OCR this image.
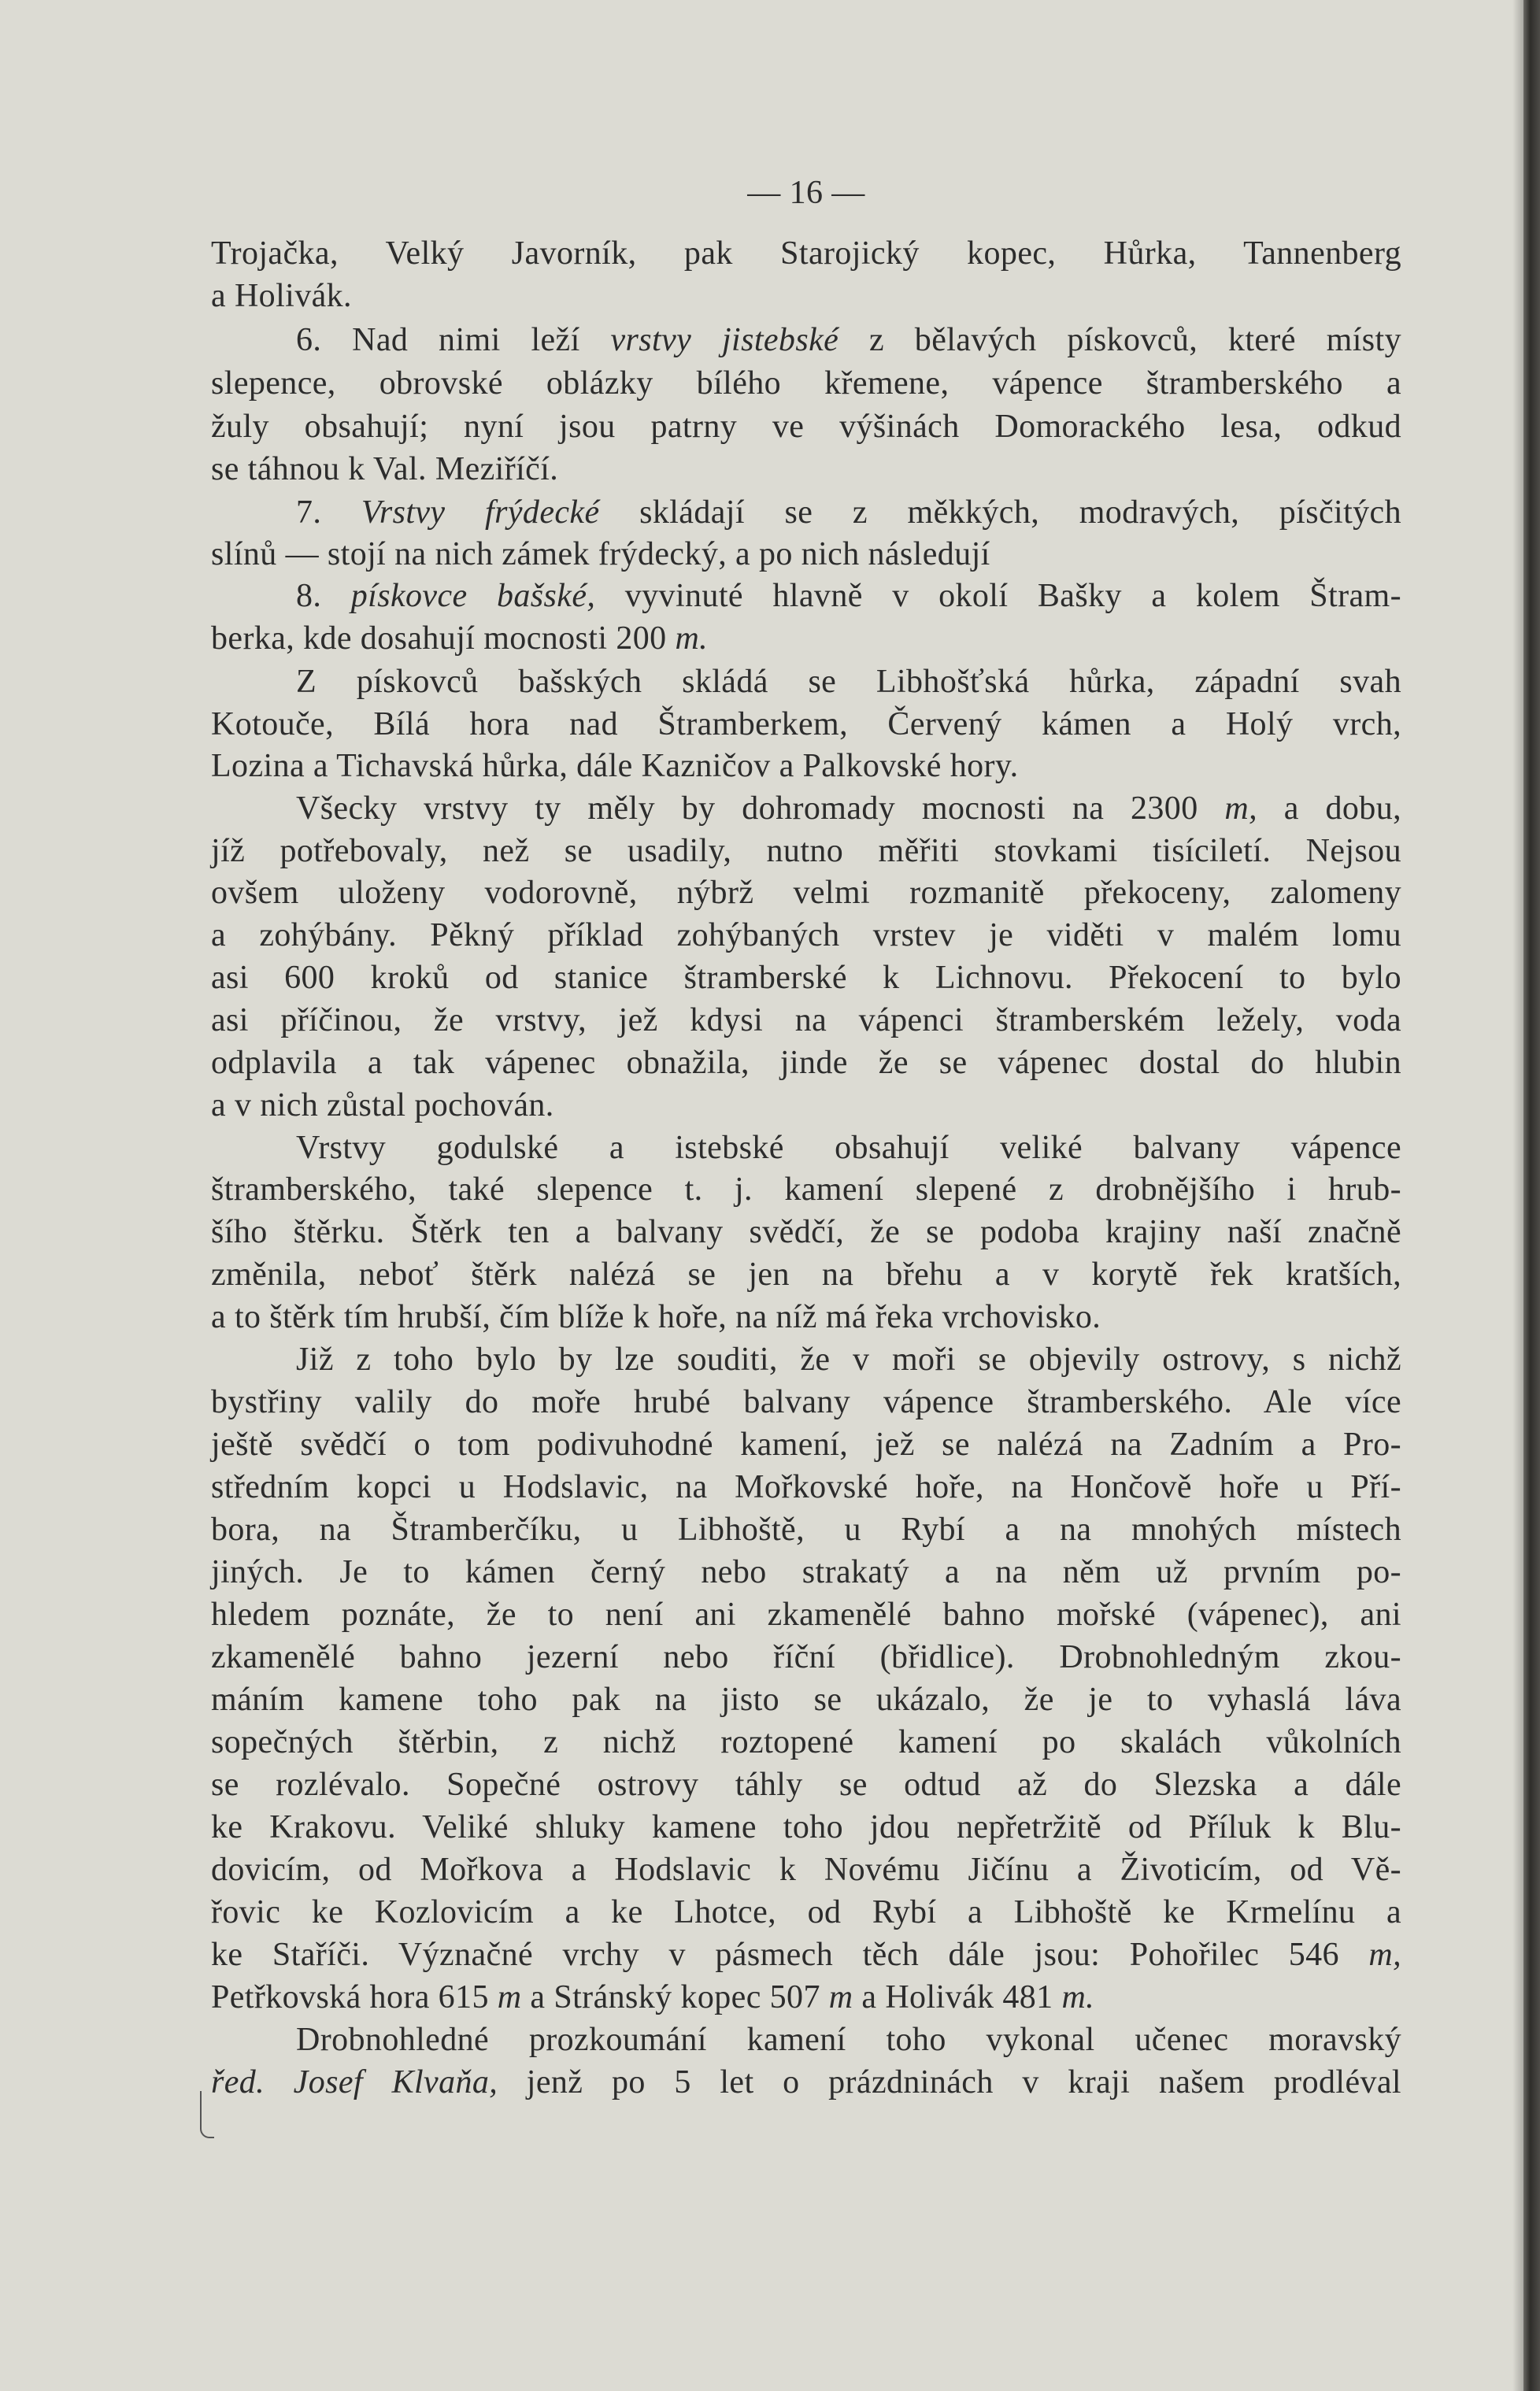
— 16 —
Trojačka, Velký Javorník, pak Starojický kopec, Hůrka, Tannenberg
a Holivák.
6. Nad nimi leží vrstvy jistebské z bělavých pískovců, které místy
slepence, obrovské oblázky bílého křemene, vápence štramberského a
žuly obsahují; nyní jsou patrny ve výšinách Domorackého lesa, odkud
se táhnou k Val. Meziříčí.
7. Vrstvy frýdecké skládají se z měkkých, modravých, písčitých
slínů — stojí na nich zámek frýdecký, a po nich následují
8. pískovce bašské, vyvinuté hlavně v okolí Bašky a kolem Štram-
berka, kde dosahují mocnosti 200 m.
Z pískovců bašských skládá se Libhošťská hůrka, západní svah
Kotouče, Bílá hora nad Štramberkem, Červený kámen a Holý vrch,
Lozina a Tichavská hůrka, dále Kazničov a Palkovské hory.
Všecky vrstvy ty měly by dohromady mocnosti na 2300 m, a dobu,
jíž potřebovaly, než se usadily, nutno měřiti stovkami tisíciletí. Nejsou
ovšem uloženy vodorovně, nýbrž velmi rozmanitě překoceny, zalomeny
a zohýbány. Pěkný příklad zohýbaných vrstev je viděti v malém lomu
asi 600 kroků od stanice štramberské k Lichnovu. Překocení to bylo
asi příčinou, že vrstvy, jež kdysi na vápenci štramberském ležely, voda
odplavila a tak vápenec obnažila, jinde že se vápenec dostal do hlubin
a v nich zůstal pochován.
Vrstvy godulské a istebské obsahují veliké balvany vápence
štramberského, také slepence t. j. kamení slepené z drobnějšího i hrub-
šího štěrku. Štěrk ten a balvany svědčí, že se podoba krajiny naší značně
změnila, neboť štěrk nalézá se jen na břehu a v korytě řek kratších,
a to štěrk tím hrubší, čím blíže k hoře, na níž má řeka vrchovisko.
Již z toho bylo by lze souditi, že v moři se objevily ostrovy, s nichž
bystřiny valily do moře hrubé balvany vápence štramberského. Ale více
ještě svědčí o tom podivuhodné kamení, jež se nalézá na Zadním a Pro-
středním kopci u Hodslavic, na Mořkovské hoře, na Hončově hoře u Pří-
bora, na Štramberčíku, u Libhoště, u Rybí a na mnohých místech
jiných. Je to kámen černý nebo strakatý a na něm už prvním po-
hledem poznáte, že to není ani zkamenělé bahno mořské (vápenec), ani
zkamenělé bahno jezerní nebo říční (břidlice). Drobnohledným zkou-
máním kamene toho pak na jisto se ukázalo, že je to vyhaslá láva
sopečných štěrbin, z nichž roztopené kamení po skalách vůkolních
se rozlévalo. Sopečné ostrovy táhly se odtud až do Slezska a dále
ke Krakovu. Veliké shluky kamene toho jdou nepřetržitě od Příluk k Blu-
dovicím, od Mořkova a Hodslavic k Novému Jičínu a Životicím, od Vě-
řovic ke Kozlovicím a ke Lhotce, od Rybí a Libhoště ke Krmelínu a
ke Staříči. Význačné vrchy v pásmech těch dále jsou: Pohořilec 546 m,
Petřkovská hora 615 m a Stránský kopec 507 m a Holivák 481 m.
Drobnohledné prozkoumání kamení toho vykonal učenec moravský
řed. Josef Klvaňa, jenž po 5 let o prázdninách v kraji našem prodléval
